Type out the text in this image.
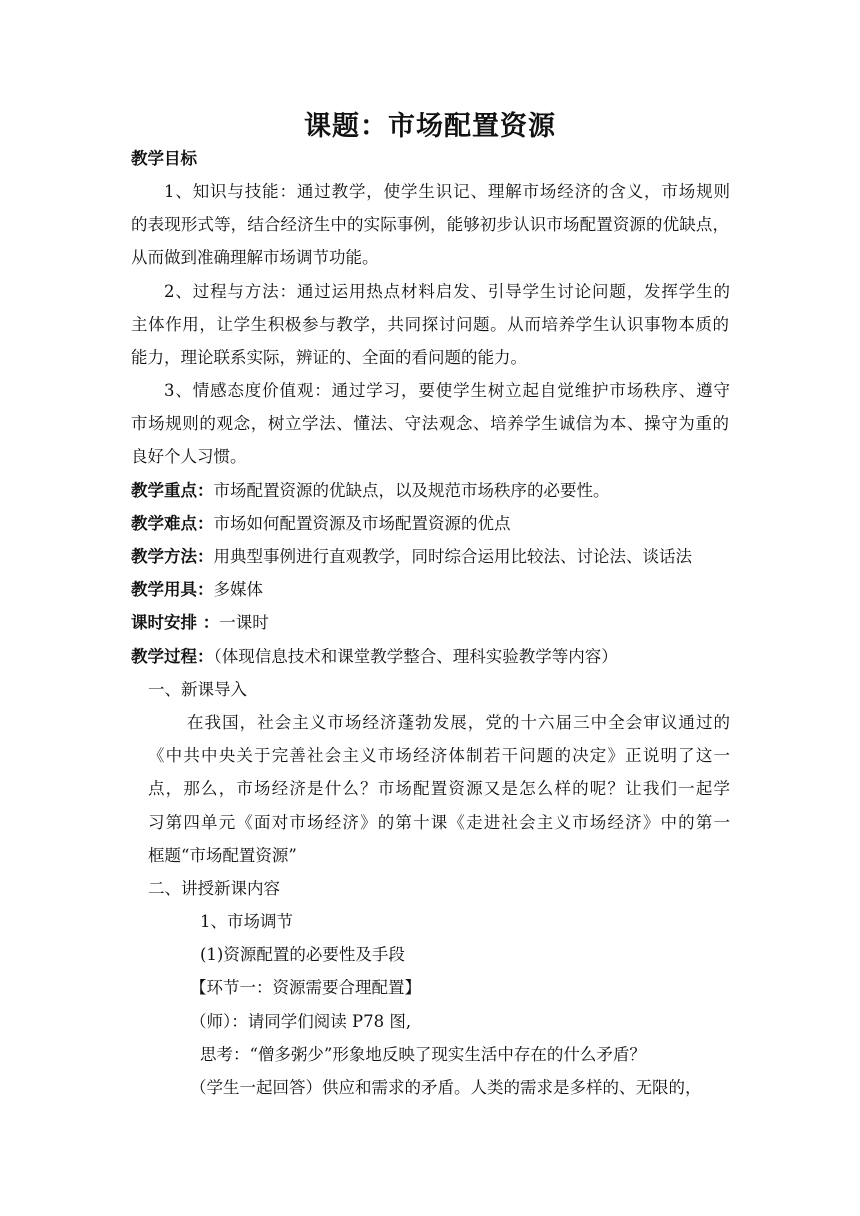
课题：市场配置资源
教学目标
1、知识与技能：通过教学，使学生识记、理解市场经济的含义，市场规则
的表现形式等，结合经济生中的实际事例，能够初步认识市场配置资源的优缺点，
从而做到准确理解市场调节功能。
2、过程与方法：通过运用热点材料启发、引导学生讨论问题，发挥学生的
主体作用，让学生积极参与教学，共同探讨问题。从而培养学生认识事物本质的
能力，理论联系实际，辨证的、全面的看问题的能力。
3、情感态度价值观：通过学习，要使学生树立起自觉维护市场秩序、遵守
市场规则的观念，树立学法、懂法、守法观念、培养学生诚信为本、操守为重的
良好个人习惯。
教学重点：市场配置资源的优缺点，以及规范市场秩序的必要性。
教学难点：市场如何配置资源及市场配置资源的优点
教学方法：用典型事例进行直观教学，同时综合运用比较法、讨论法、谈话法
教学用具：多媒体
课时安排 ：一课时
教学过程：（体现信息技术和课堂教学整合、理科实验教学等内容）
一、新课导入
在我国，社会主义市场经济蓬勃发展，党的十六届三中全会审议通过的
《中共中央关于完善社会主义市场经济体制若干问题的决定》正说明了这一
点，那么，市场经济是什么？市场配置资源又是怎么样的呢？让我们一起学
习第四单元《面对市场经济》的第十课《走进社会主义市场经济》中的第一
框题“市场配置资源”
二、讲授新课内容
1、市场调节
(1)资源配置的必要性及手段
【环节一：资源需要合理配置】
（师）：请同学们阅读 P78 图,
思考：“僧多粥少”形象地反映了现实生活中存在的什么矛盾？
（学生一起回答）供应和需求的矛盾。人类的需求是多样的、无限的，
